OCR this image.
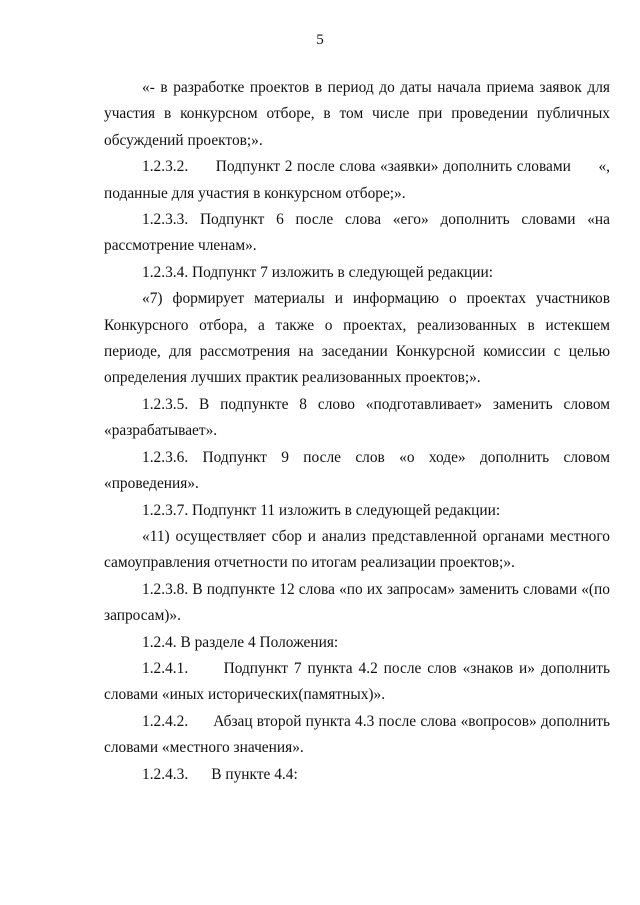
5

«- в разработке проектов в период до даты начала приема заявок для участия в конкурсном отборе, в том числе при проведении публичных обсуждений проектов;».

1.2.3.2.      Подпункт 2 после слова «заявки» дополнить словами      «, поданные для участия в конкурсном отборе;».

1.2.3.3. Подпункт 6 после слова «его» дополнить словами «на рассмотрение членам».

1.2.3.4. Подпункт 7 изложить в следующей редакции:

«7) формирует материалы и информацию о проектах участников Конкурсного отбора, а также о проектах, реализованных в истекшем периоде, для рассмотрения на заседании Конкурсной комиссии с целью определения лучших практик реализованных проектов;».

1.2.3.5. В подпункте 8 слово «подготавливает» заменить словом «разрабатывает».

1.2.3.6. Подпункт 9 после слов «о ходе» дополнить словом «проведения».

1.2.3.7. Подпункт 11 изложить в следующей редакции:

«11) осуществляет сбор и анализ представленной органами местного самоуправления отчетности по итогам реализации проектов;».

1.2.3.8. В подпункте 12 слова «по их запросам» заменить словами «(по запросам)».

1.2.4. В разделе 4 Положения:

1.2.4.1.      Подпункт 7 пункта 4.2 после слов «знаков и» дополнить словами «иных исторических(памятных)».

1.2.4.2.      Абзац второй пункта 4.3 после слова «вопросов» дополнить словами «местного значения».

1.2.4.3.      В пункте 4.4:
